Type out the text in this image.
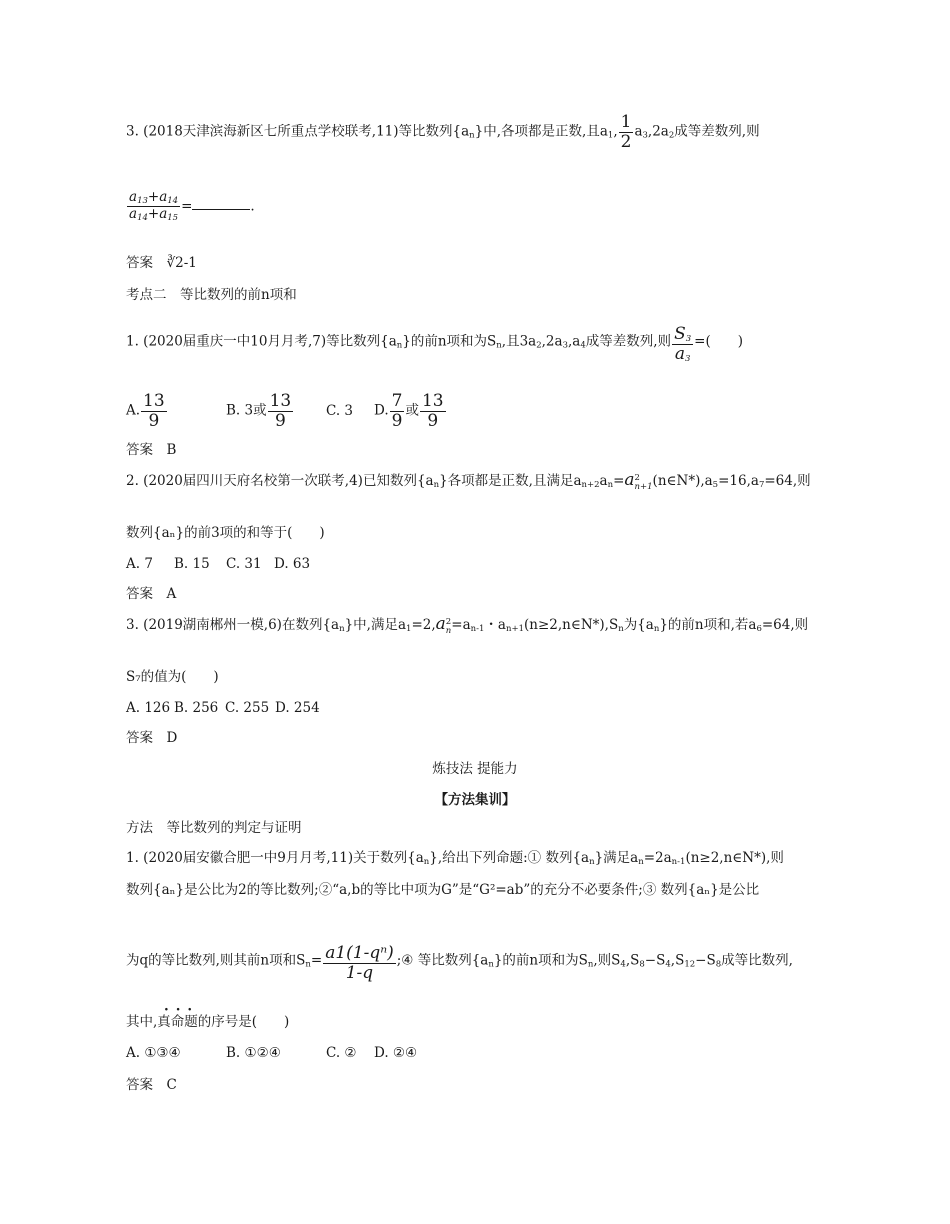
3. (2018天津滨海新区七所重点学校联考,11)等比数列$\{a_n\}$中,各项都是正数,且$a_1$, $\frac{1}{2} a_3,2a_2$成等差数列,则
$\frac{a_{13}+a_{14}}{a_{14}+a_{15}}$ =	.
答案　 ∛2-1
考点二　等比数列的前n项和
1. (2020届重庆一中10月月考,7)等比数列$\{a_n\}$的前n项和为$S_n$,且$3a_2,2a_3,a_4$成等差数列,则 $\frac{S_3}{a_3}$ =(　　)
A. $\frac{13}{9}$	B. 3或 $\frac{13}{9} C$. 3 D. $\frac{7}{9}$ 或 $\frac{13}{9}$
答案　 B
2. (2020届四川天府名校第一次联考,4)已知数列$\{a_n\}$各项都是正数,且满足$a_{n+2}a_n=a$ 2
n+1 $(n\in N*),a_5=16,a_7=64$,则
数列{aₙ}的前3项的和等于(　　)
A. 7 B. 15 C. 31 D. 63
答案　 A
3. (2019湖南郴州一模,6)在数列$\{a_n\}$中,满足$a_1=2,a$ 2
$n =a_{n-1}$・$a_{n+1}(n\ge 2,n\in N*),S_n$为$\{a_n\}$的前n项和,若$a_6=64$,则
S₇的值为(　　)
A. 126 B. 256 C. 255 D. 254
答案　 D
炼技法 提能力
【方法集训】
方法　等比数列的判定与证明
1. (2020届安徽合肥一中9月月考,11)关于数列$\{a_n\}$,给出下列命题:① 数列$\{a_n\}$满足$a_n=2a_{n-1}(n\ge 2,n\in N*)$,则
数列{aₙ}是公比为2的等比数列;②“a,b的等比中项为G”是“G²=ab”的充分不必要条件;③ 数列{aₙ}是公比
为q的等比数列,则其前n项和$S_n= \frac{\text{a1(1-qⁿ)}}{1-q}$ ;④ 等比数列$\{a_n\}$的前n项和为$S_n$,则$S_4,S_8-S_4,S_{12}-S_8$成等比数列,
···
其中,真命题的序号是(　　)
A. ①③④	B. ①②④	C. ② D. ②④
答案　 C
